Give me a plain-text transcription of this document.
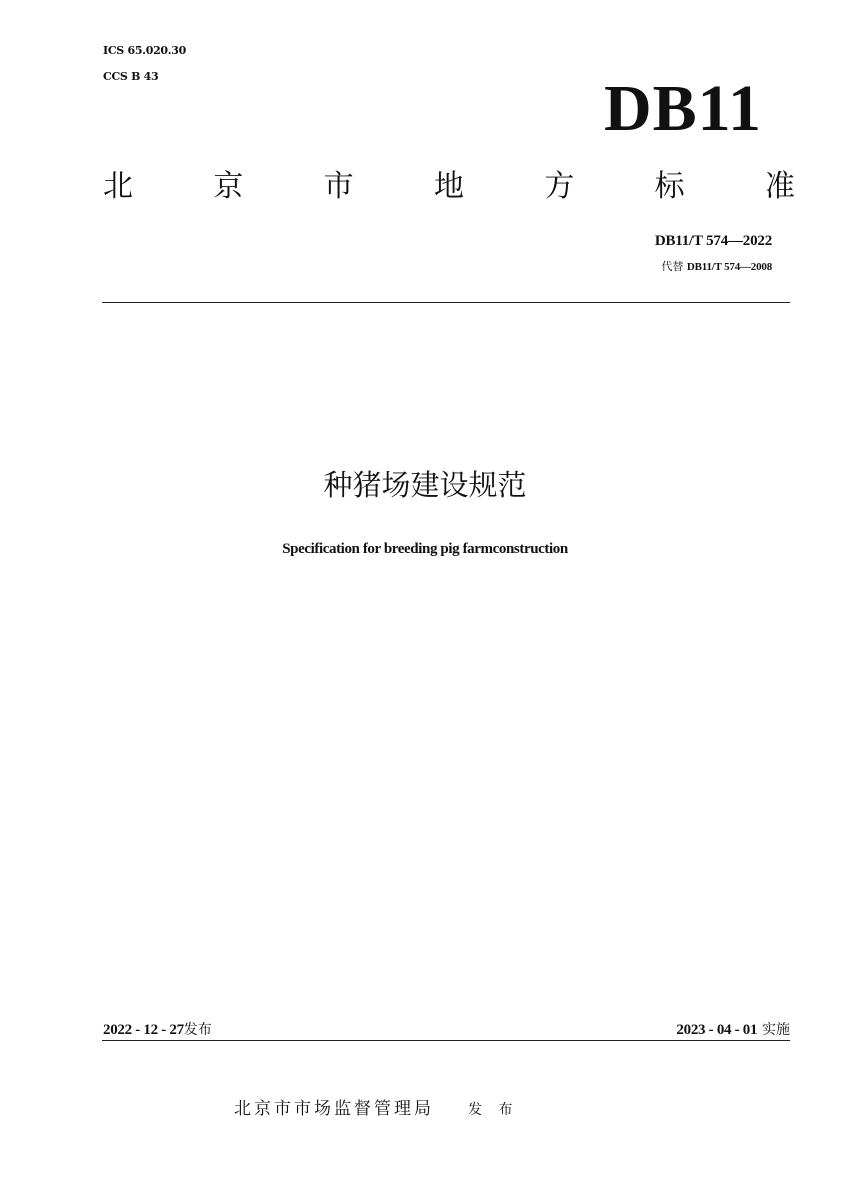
ICS 65.020.30
CCS B 43	DB11
北	京	市	地	方	标	准
DB11/T 574—2022
代替 DB11/T 574—2008
种猪场建设规范
Specification for breeding pig farmconstruction
2022 - 12 - 27发布	2023 - 04 - 01 实施
北京市市场监督管理局 发 布
